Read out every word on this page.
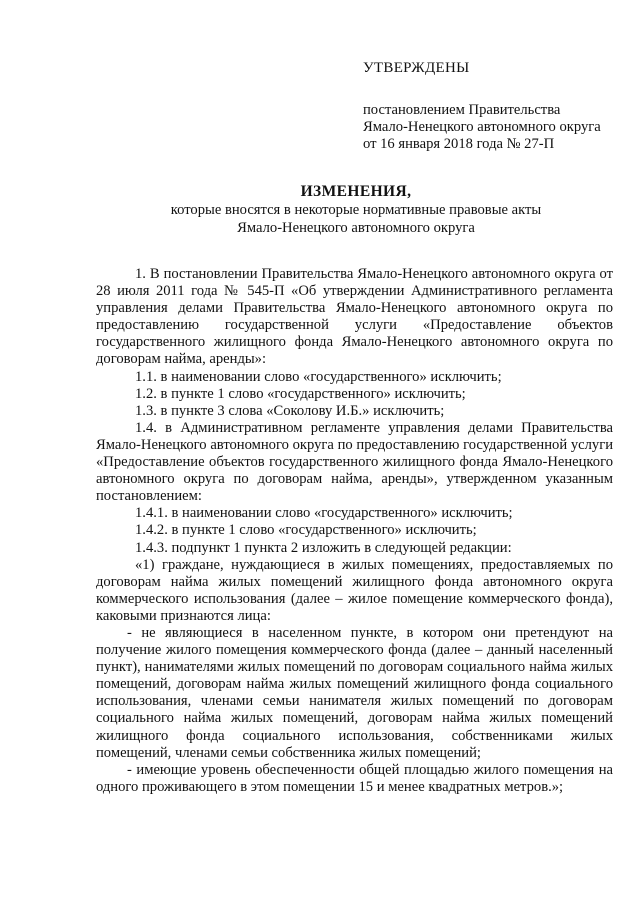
УТВЕРЖДЕНЫ
постановлением Правительства
Ямало-Ненецкого автономного округа
от 16 января 2018 года № 27-П
ИЗМЕНЕНИЯ,
которые вносятся в некоторые нормативные правовые акты
Ямало-Ненецкого автономного округа

1. В постановлении Правительства Ямало-Ненецкого автономного округа от 28 июля 2011 года № 545-П «Об утверждении Административного регламента управления делами Правительства Ямало-Ненецкого автономного округа по предоставлению государственной услуги «Предоставление объектов государственного жилищного фонда Ямало-Ненецкого автономного округа по договорам найма, аренды»:

1.1. в наименовании слово «государственного» исключить;

1.2. в пункте 1 слово «государственного» исключить;

1.3. в пункте 3 слова «Соколову И.Б.» исключить;

1.4. в Административном регламенте управления делами Правительства Ямало-Ненецкого автономного округа по предоставлению государственной услуги «Предоставление объектов государственного жилищного фонда Ямало-Ненецкого автономного округа по договорам найма, аренды», утвержденном указанным постановлением:

1.4.1. в наименовании слово «государственного» исключить;

1.4.2. в пункте 1 слово «государственного» исключить;

1.4.3. подпункт 1 пункта 2 изложить в следующей редакции:

«1) граждане, нуждающиеся в жилых помещениях, предоставляемых по договорам найма жилых помещений жилищного фонда автономного округа коммерческого использования (далее – жилое помещение коммерческого фонда), каковыми признаются лица:

- не являющиеся в населенном пункте, в котором они претендуют на получение жилого помещения коммерческого фонда (далее – данный населенный пункт), нанимателями жилых помещений по договорам социального найма жилых помещений, договорам найма жилых помещений жилищного фонда социального использования, членами семьи нанимателя жилых помещений по договорам социального найма жилых помещений, договорам найма жилых помещений жилищного фонда социального использования, собственниками жилых помещений, членами семьи собственника жилых помещений;

- имеющие уровень обеспеченности общей площадью жилого помещения на одного проживающего в этом помещении 15 и менее квадратных метров.»;
